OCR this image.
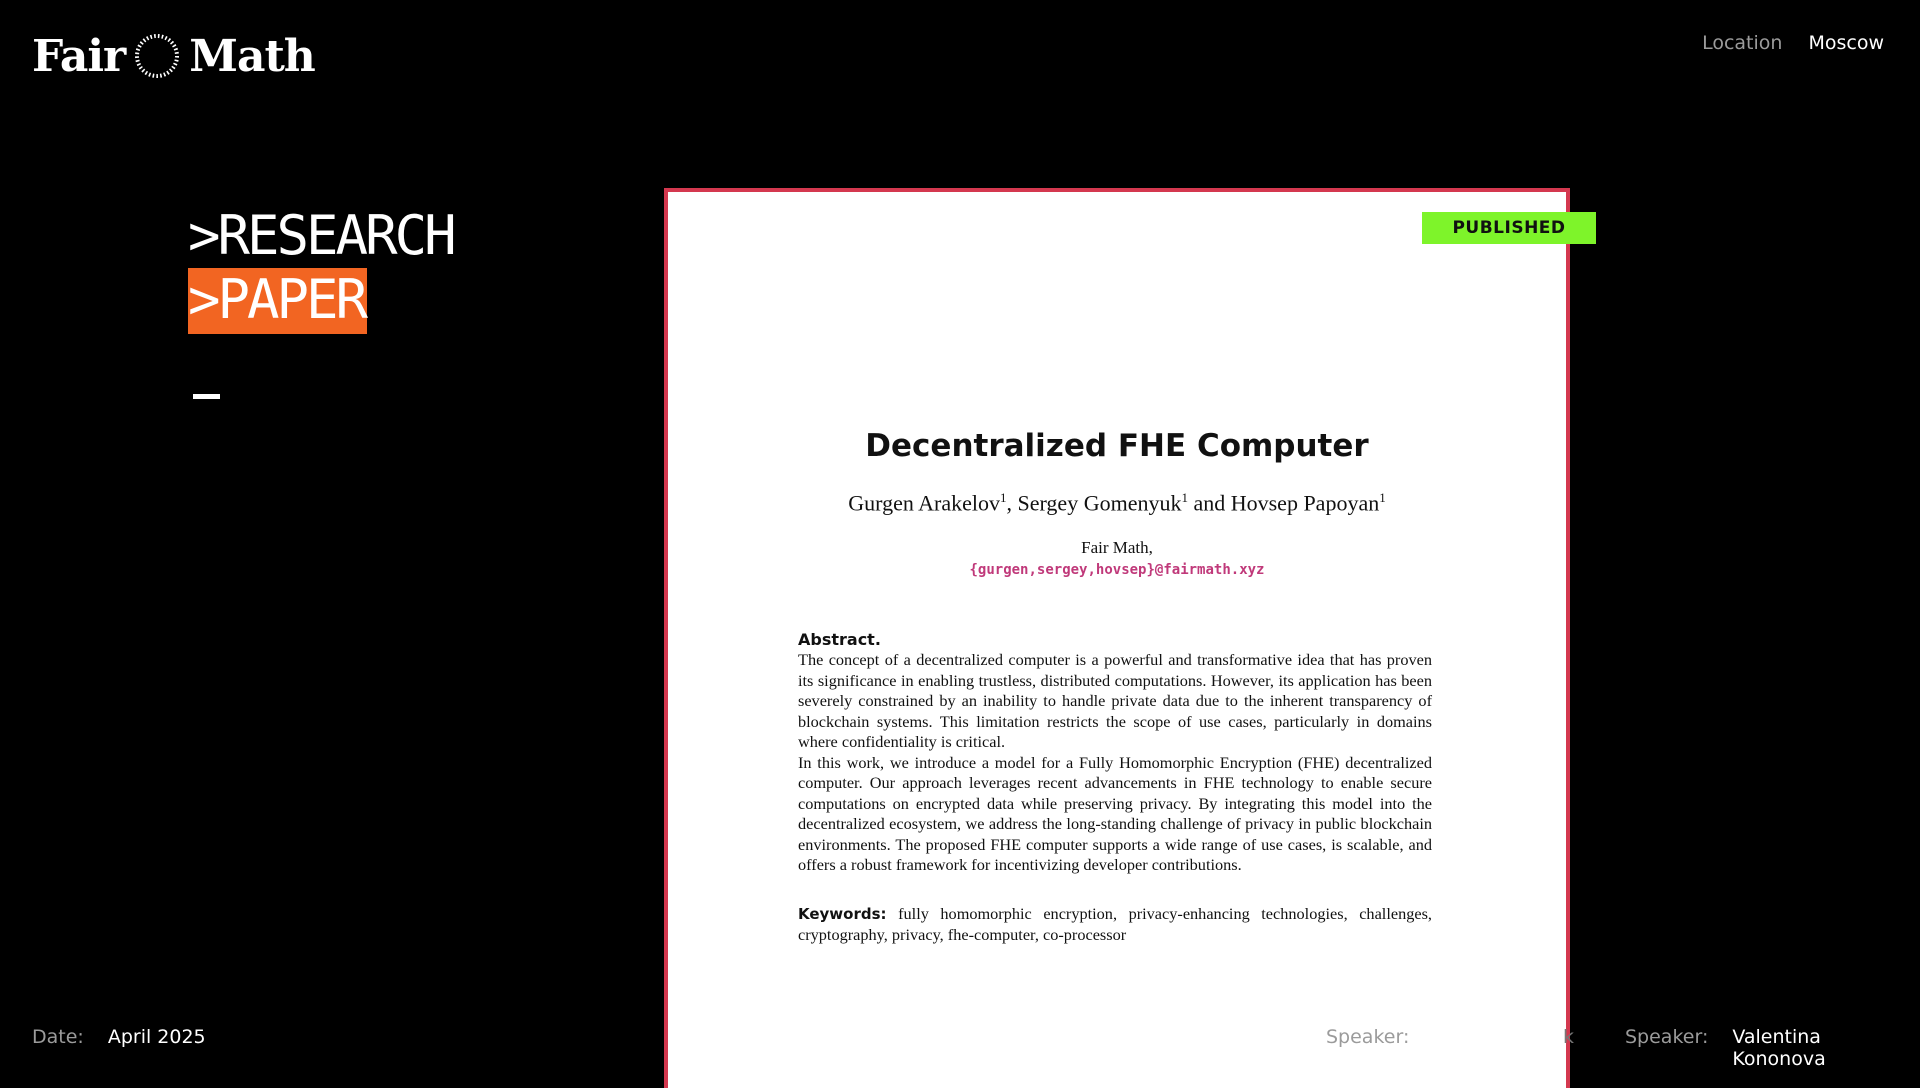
Fair Math	Location Moscow
>RESEARCH
>PAPER
Decentralized FHE Computer
Gurgen Arakelov$^1$, Sergey Gomenyuk$^1$ and Hovsep Papoyan$^1$
Fair Math,
{gurgen,sergey,hovsep}@fairmath.xyz
Abstract.

The concept of a decentralized computer is a powerful and transformative idea that has proven its significance in enabling trustless, distributed computations. However, its application has been severely constrained by an inability to handle private data due to the inherent transparency of blockchain systems. This limitation restricts the scope of use cases, particularly in domains where confidentiality is critical.

In this work, we introduce a model for a Fully Homomorphic Encryption (FHE) decentralized computer. Our approach leverages recent advancements in FHE technology to enable secure computations on encrypted data while preserving privacy. By integrating this model into the decentralized ecosystem, we address the long-standing challenge of privacy in public blockchain environments. The proposed FHE computer supports a wide range of use cases, is scalable, and offers a robust framework for incentivizing developer contributions.

Keywords: fully homomorphic encryption, privacy-enhancing technologies, challenges, cryptography, privacy, fhe-computer, co-processor
PUBLISHED
Date: April 2025	Speaker:	k	Speaker: Valentina Kononova
